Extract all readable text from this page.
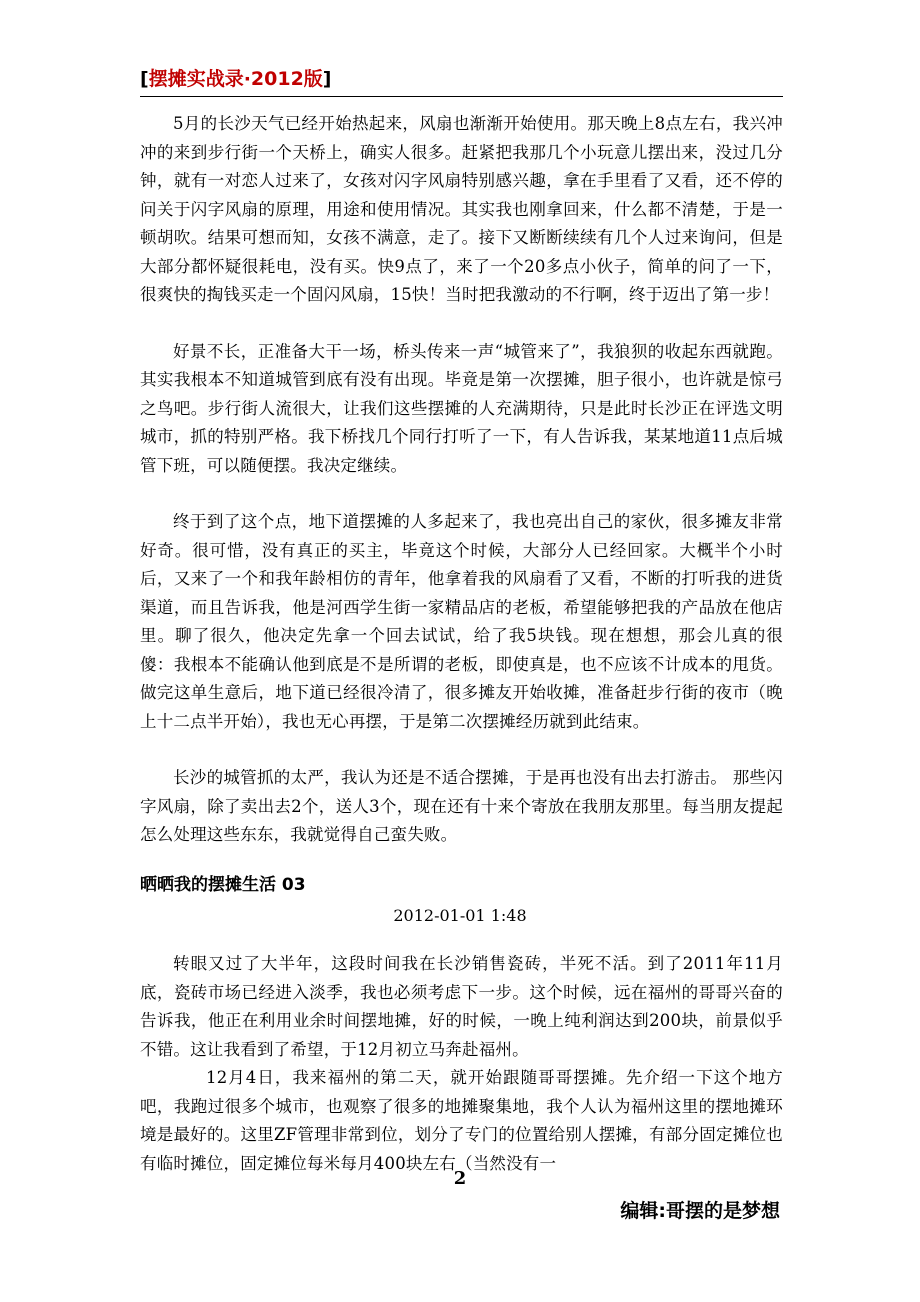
[摆摊实战录·2012版]

5月的长沙天气已经开始热起来，风扇也渐渐开始使用。那天晚上8点左右，我兴冲冲的来到步行街一个天桥上，确实人很多。赶紧把我那几个小玩意儿摆出来，没过几分钟，就有一对恋人过来了，女孩对闪字风扇特别感兴趣，拿在手里看了又看，还不停的问关于闪字风扇的原理，用途和使用情况。其实我也刚拿回来，什么都不清楚，于是一顿胡吹。结果可想而知，女孩不满意，走了。接下又断断续续有几个人过来询问，但是大部分都怀疑很耗电，没有买。快9点了，来了一个20多点小伙子，简单的问了一下，很爽快的掏钱买走一个固闪风扇，15快！当时把我激动的不行啊，终于迈出了第一步！

好景不长，正准备大干一场，桥头传来一声“城管来了”，我狼狈的收起东西就跑。其实我根本不知道城管到底有没有出现。毕竟是第一次摆摊，胆子很小，也许就是惊弓之鸟吧。步行街人流很大，让我们这些摆摊的人充满期待，只是此时长沙正在评选文明城市，抓的特别严格。我下桥找几个同行打听了一下，有人告诉我，某某地道11点后城管下班，可以随便摆。我决定继续。

终于到了这个点，地下道摆摊的人多起来了，我也亮出自己的家伙，很多摊友非常好奇。很可惜，没有真正的买主，毕竟这个时候，大部分人已经回家。大概半个小时后，又来了一个和我年龄相仿的青年，他拿着我的风扇看了又看，不断的打听我的进货渠道，而且告诉我，他是河西学生街一家精品店的老板，希望能够把我的产品放在他店里。聊了很久，他决定先拿一个回去试试，给了我5块钱。现在想想，那会儿真的很傻：我根本不能确认他到底是不是所谓的老板，即使真是，也不应该不计成本的甩货。做完这单生意后，地下道已经很冷清了，很多摊友开始收摊，准备赶步行街的夜市（晚上十二点半开始），我也无心再摆，于是第二次摆摊经历就到此结束。

长沙的城管抓的太严，我认为还是不适合摆摊，于是再也没有出去打游击。 那些闪字风扇，除了卖出去2个，送人3个，现在还有十来个寄放在我朋友那里。每当朋友提起怎么处理这些东东，我就觉得自己蛮失败。

晒晒我的摆摊生活 03
2012-01-01 1:48

转眼又过了大半年，这段时间我在长沙销售瓷砖，半死不活。到了2011年11月底，瓷砖市场已经进入淡季，我也必须考虑下一步。这个时候，远在福州的哥哥兴奋的告诉我，他正在利用业余时间摆地摊，好的时候，一晚上纯利润达到200块，前景似乎不错。这让我看到了希望，于12月初立马奔赴福州。

12月4日，我来福州的第二天，就开始跟随哥哥摆摊。先介绍一下这个地方吧，我跑过很多个城市，也观察了很多的地摊聚集地，我个人认为福州这里的摆地摊环境是最好的。这里ZF管理非常到位，划分了专门的位置给别人摆摊，有部分固定摊位也有临时摊位，固定摊位每米每月400块左右（当然没有一

2
编辑:哥摆的是梦想
